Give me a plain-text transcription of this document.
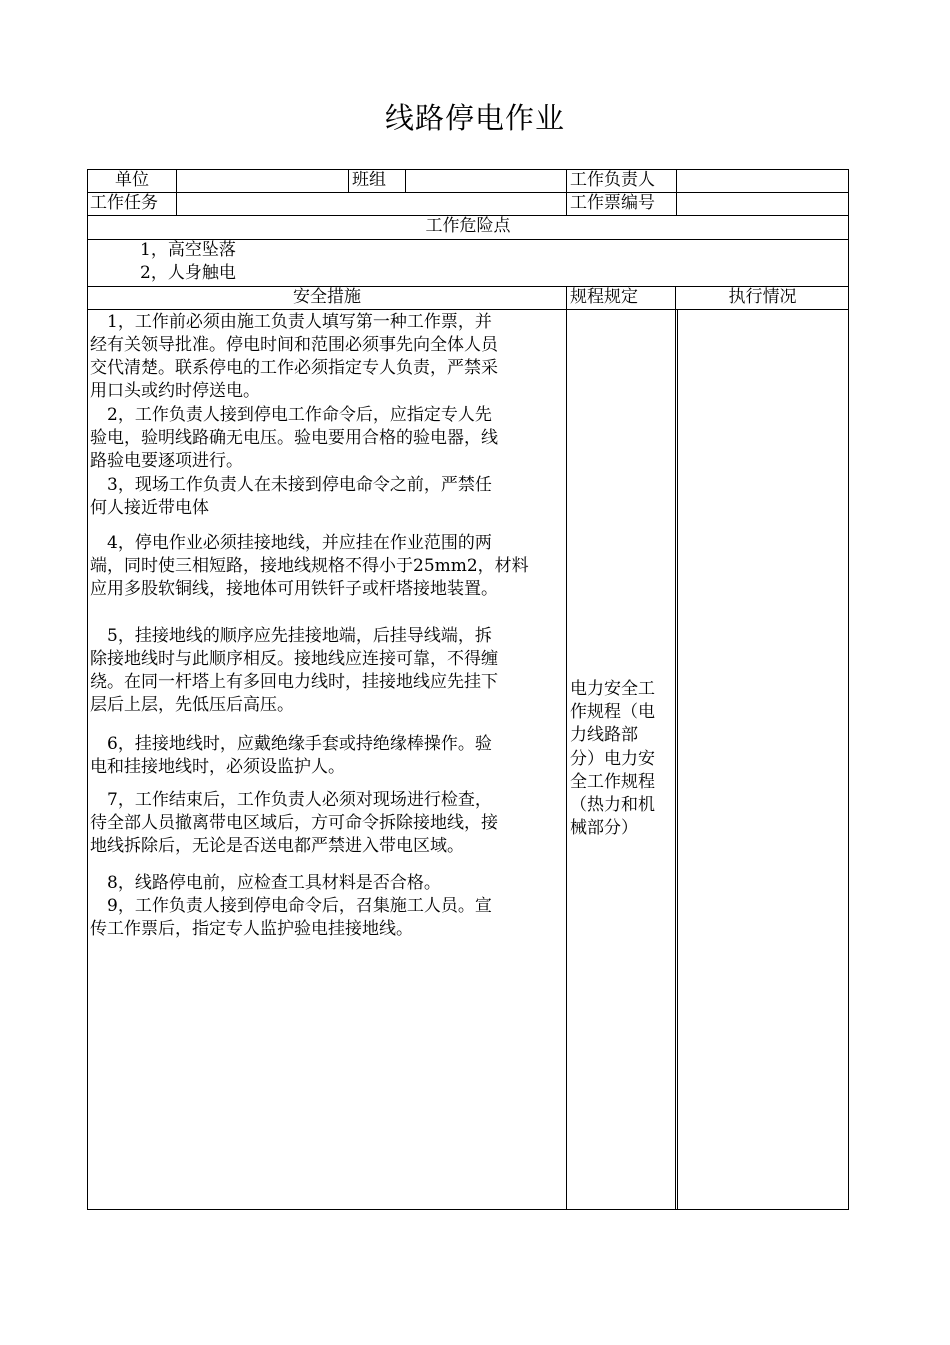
线路停电作业
单位	班组	工作负责人
工作任务	工作票编号
工作危险点
1，高空坠落
2，人身触电
安全措施	规程规定	执行情况
　1，工作前必须由施工负责人填写第一种工作票，并
经有关领导批准。停电时间和范围必须事先向全体人员
交代清楚。联系停电的工作必须指定专人负责，严禁采
用口头或约时停送电。
　2，工作负责人接到停电工作命令后，应指定专人先
验电，验明线路确无电压。验电要用合格的验电器，线
路验电要逐项进行。
　3，现场工作负责人在未接到停电命令之前，严禁任
何人接近带电体
　4，停电作业必须挂接地线，并应挂在作业范围的两
端，同时使三相短路，接地线规格不得小于25mm2，材料
应用多股软铜线，接地体可用铁钎子或杆塔接地装置。
　5，挂接地线的顺序应先挂接地端，后挂导线端，拆
除接地线时与此顺序相反。接地线应连接可靠，不得缠
绕。在同一杆塔上有多回电力线时，挂接地线应先挂下
层后上层，先低压后高压。
　6，挂接地线时，应戴绝缘手套或持绝缘棒操作。验
电和挂接地线时，必须设监护人。
　7，工作结束后，工作负责人必须对现场进行检查，
待全部人员撤离带电区域后，方可命令拆除接地线，接
地线拆除后，无论是否送电都严禁进入带电区域。
　8，线路停电前，应检查工具材料是否合格。
　9，工作负责人接到停电命令后，召集施工人员。宣
传工作票后，指定专人监护验电挂接地线。
电力安全工
作规程（电
力线路部
分）电力安
全工作规程
（热力和机
械部分）
